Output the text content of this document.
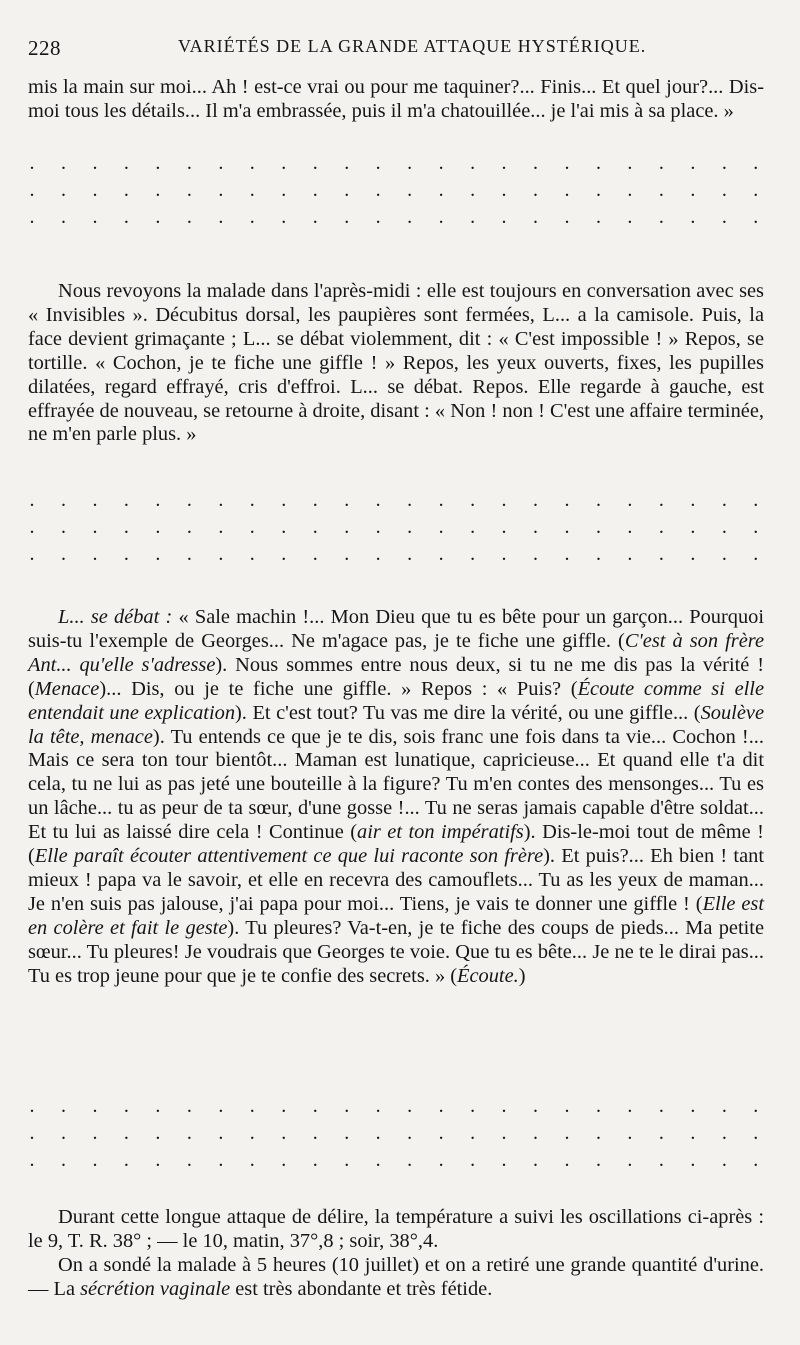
228	VARIÉTÉS DE LA GRANDE ATTAQUE HYSTÉRIQUE.

mis la main sur moi... Ah ! est-ce vrai ou pour me taquiner?... Finis... Et quel jour?... Dis-moi tous les détails... Il m'a embrassée, puis il m'a chatouillée... je l'ai mis à sa place. »

. . . . . . . . . . . . . . . . . . . . . . . .
. . . . . . . . . . . . . . . . . . . . . . . .
. . . . . . . . . . . . . . . . . . . . . . . .

Nous revoyons la malade dans l'après-midi : elle est toujours en conversation avec ses « Invisibles ». Décubitus dorsal, les paupières sont fermées, L... a la camisole. Puis, la face devient grimaçante ; L... se débat violemment, dit : « C'est impossible ! » Repos, se tortille. « Cochon, je te fiche une giffle ! » Repos, les yeux ouverts, fixes, les pupilles dilatées, regard effrayé, cris d'effroi. L... se débat. Repos. Elle regarde à gauche, est effrayée de nouveau, se retourne à droite, disant : « Non ! non ! C'est une affaire terminée, ne m'en parle plus. »

. . . . . . . . . . . . . . . . . . . . . . . .
. . . . . . . . . . . . . . . . . . . . . . . .
. . . . . . . . . . . . . . . . . . . . . . . .

L... se débat : « Sale machin !... Mon Dieu que tu es bête pour un garçon... Pourquoi suis-tu l'exemple de Georges... Ne m'agace pas, je te fiche une giffle. (C'est à son frère Ant... qu'elle s'adresse). Nous sommes entre nous deux, si tu ne me dis pas la vérité ! (Menace)... Dis, ou je te fiche une giffle. » Repos : « Puis? (Écoute comme si elle entendait une explication). Et c'est tout? Tu vas me dire la vérité, ou une giffle... (Soulève la tête, menace). Tu entends ce que je te dis, sois franc une fois dans ta vie... Cochon !... Mais ce sera ton tour bientôt... Maman est lunatique, capricieuse... Et quand elle t'a dit cela, tu ne lui as pas jeté une bouteille à la figure? Tu m'en contes des mensonges... Tu es un lâche... tu as peur de ta sœur, d'une gosse !... Tu ne seras jamais capable d'être soldat... Et tu lui as laissé dire cela ! Continue (air et ton impératifs). Dis-le-moi tout de même ! (Elle paraît écouter attentivement ce que lui raconte son frère). Et puis?... Eh bien ! tant mieux ! papa va le savoir, et elle en recevra des camouflets... Tu as les yeux de maman... Je n'en suis pas jalouse, j'ai papa pour moi... Tiens, je vais te donner une giffle ! (Elle est en colère et fait le geste). Tu pleures? Va-t-en, je te fiche des coups de pieds... Ma petite sœur... Tu pleures! Je voudrais que Georges te voie. Que tu es bête... Je ne te le dirai pas... Tu es trop jeune pour que je te confie des secrets. » (Écoute.)

. . . . . . . . . . . . . . . . . . . . . . . .
. . . . . . . . . . . . . . . . . . . . . . . .
. . . . . . . . . . . . . . . . . . . . . . . .

Durant cette longue attaque de délire, la température a suivi les oscillations ci-après : le 9, T. R. 38° ; — le 10, matin, 37°,8 ; soir, 38°,4.

On a sondé la malade à 5 heures (10 juillet) et on a retiré une grande quantité d'urine. — La sécrétion vaginale est très abondante et très fétide.
